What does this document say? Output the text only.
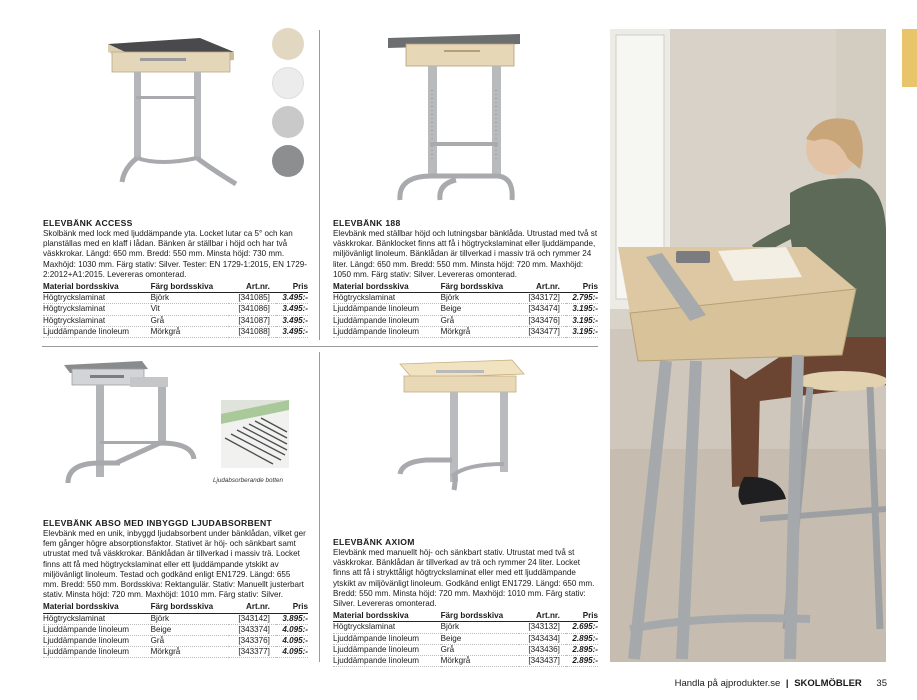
Ljudabsorberande botten
ELEVBÄNK ACCESS

Skolbänk med lock med ljuddämpande yta. Locket lutar ca 5° och kan planställas med en klaff i lådan. Bänken är ställbar i höjd och har två väskkrokar. Längd: 650 mm. Bredd: 550 mm. Minsta höjd: 730 mm. Maxhöjd: 1030 mm. Färg stativ: Silver. Tester: EN 1729-1:2015, EN 1729-2:2012+A1:2015. Levereras omonterad.

Material bordsskiva	Färg bordsskiva	Art.nr.	Pris
Högtryckslaminat	Björk	[341085]	3.495:-
Högtryckslaminat	Vit	[341086]	3.495:-
Högtryckslaminat	Grå	[341087]	3.495:-
Ljuddämpande linoleum	Mörkgrå	[341088]	3.495:-
ELEVBÄNK 188

Elevbänk med ställbar höjd och lutningsbar bänklåda. Utrustad med två st väskkrokar. Bänklocket finns att få i högtryckslaminat eller ljuddämpande, miljövänligt linoleum. Bänklådan är tillverkad i massiv trä och rymmer 24 liter. Längd: 650 mm. Bredd: 550 mm. Minsta höjd: 720 mm. Maxhöjd: 1050 mm. Färg stativ: Silver. Levereras omonterad.

Material bordsskiva	Färg bordsskiva	Art.nr.	Pris
Högtryckslaminat	Björk	[343172]	2.795:-
Ljuddämpande linoleum	Beige	[343474]	3.195:-
Ljuddämpande linoleum	Grå	[343476]	3.195:-
Ljuddämpande linoleum	Mörkgrå	[343477]	3.195:-
ELEVBÄNK ABSO MED INBYGGD LJUDABSORBENT

Elevbänk med en unik, inbyggd ljudabsorbent under bänklådan, vilket ger fem gånger högre absorptionsfaktor. Stativet är höj- och sänkbart samt utrustat med två väskkrokar. Bänklådan är tillverkad i massiv trä. Locket finns att få med högtryckslaminat eller ett ljuddämpande ytskikt av miljövänligt linoleum. Testad och godkänd enligt EN1729. Längd: 655 mm. Bredd: 550 mm. Bordsskiva: Rektangulär. Stativ: Manuellt justerbart stativ. Minsta höjd: 720 mm. Maxhöjd: 1010 mm. Färg stativ: Silver.

Material bordsskiva	Färg bordsskiva	Art.nr.	Pris
Högtryckslaminat	Björk	[343142]	3.895:-
Ljuddämpande linoleum	Beige	[343374]	4.095:-
Ljuddämpande linoleum	Grå	[343376]	4.095:-
Ljuddämpande linoleum	Mörkgrå	[343377]	4.095:-
ELEVBÄNK AXIOM

Elevbänk med manuellt höj- och sänkbart stativ. Utrustat med två st väskkrokar. Bänklådan är tillverkad av trä och rymmer 24 liter. Locket finns att få i strykttåligt högtryckslaminat eller med ett ljuddämpande ytskikt av miljövänligt linoleum. Godkänd enligt EN1729. Längd: 650 mm. Bredd: 550 mm. Minsta höjd: 720 mm. Maxhöjd: 1010 mm. Färg stativ: Silver. Levereras omonterad.

Material bordsskiva	Färg bordsskiva	Art.nr.	Pris
Högtryckslaminat	Björk	[343132]	2.695:-
Ljuddämpande linoleum	Beige	[343434]	2.895:-
Ljuddämpande linoleum	Grå	[343436]	2.895:-
Ljuddämpande linoleum	Mörkgrå	[343437]	2.895:-
Handla på ajprodukter.se | SKOLMÖBLER 35
